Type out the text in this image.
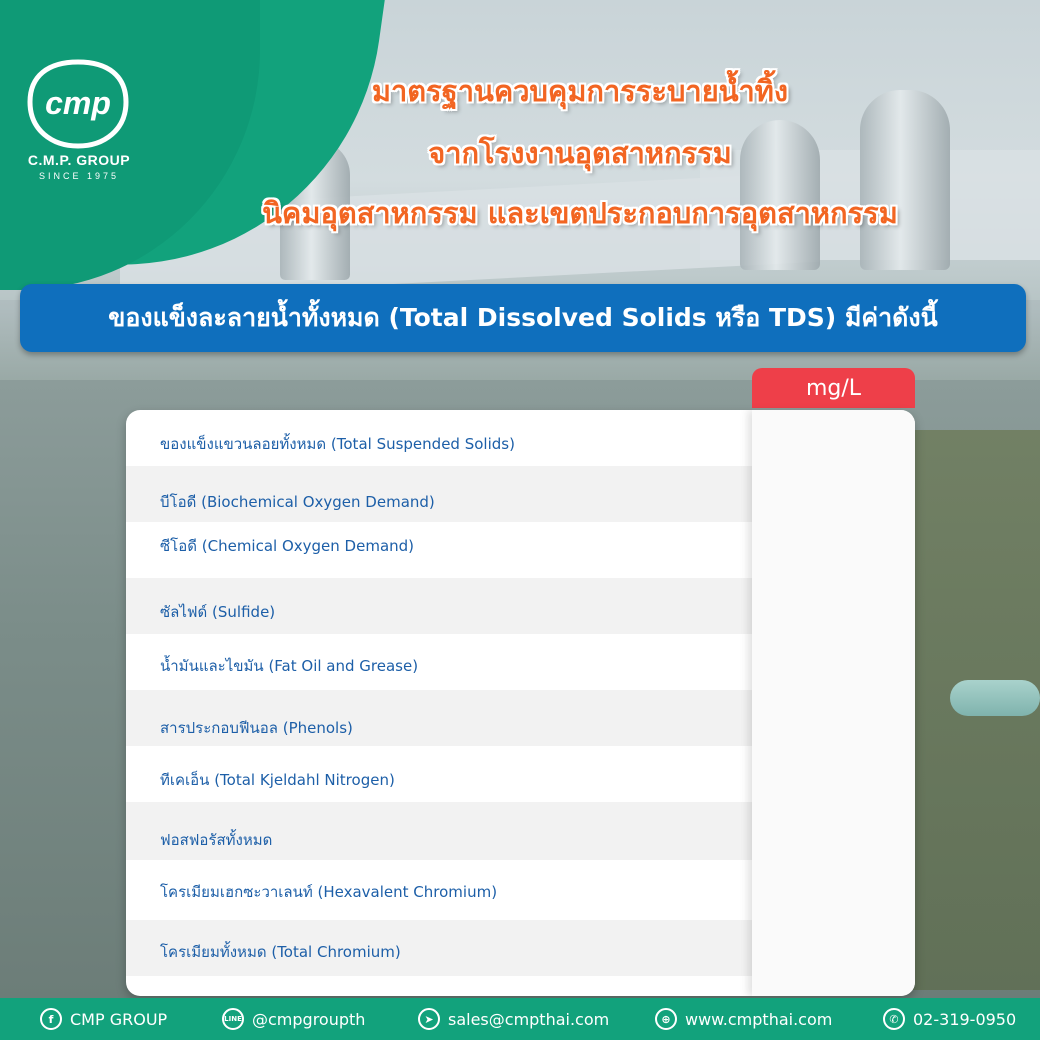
cmp
C.M.P. GROUP
SINCE 1975
มาตรฐานควบคุมการระบายน้ำทิ้ง
จากโรงงานอุตสาหกรรม
นิคมอุตสาหกรรม และเขตประกอบการอุตสาหกรรม
ของแข็งละลายน้ำทั้งหมด (Total Dissolved Solids หรือ TDS) มีค่าดังนี้
mg/L
ของแข็งแขวนลอยทั้งหมด (Total Suspended Solids)
บีโอดี (Biochemical Oxygen Demand)
ซีโอดี (Chemical Oxygen Demand)
ซัลไฟด์ (Sulfide)
น้ำมันและไขมัน (Fat Oil and Grease)
สารประกอบฟีนอล (Phenols)
ทีเคเอ็น (Total Kjeldahl Nitrogen)
ฟอสฟอรัสทั้งหมด
โครเมียมเฮกซะวาเลนท์ (Hexavalent Chromium)
โครเมียมทั้งหมด (Total Chromium)
f	CMP GROUP	LINE @cmpgroupth	➤ sales@cmpthai.com	⊕ www.cmpthai.com	✆ 02-319-0950
